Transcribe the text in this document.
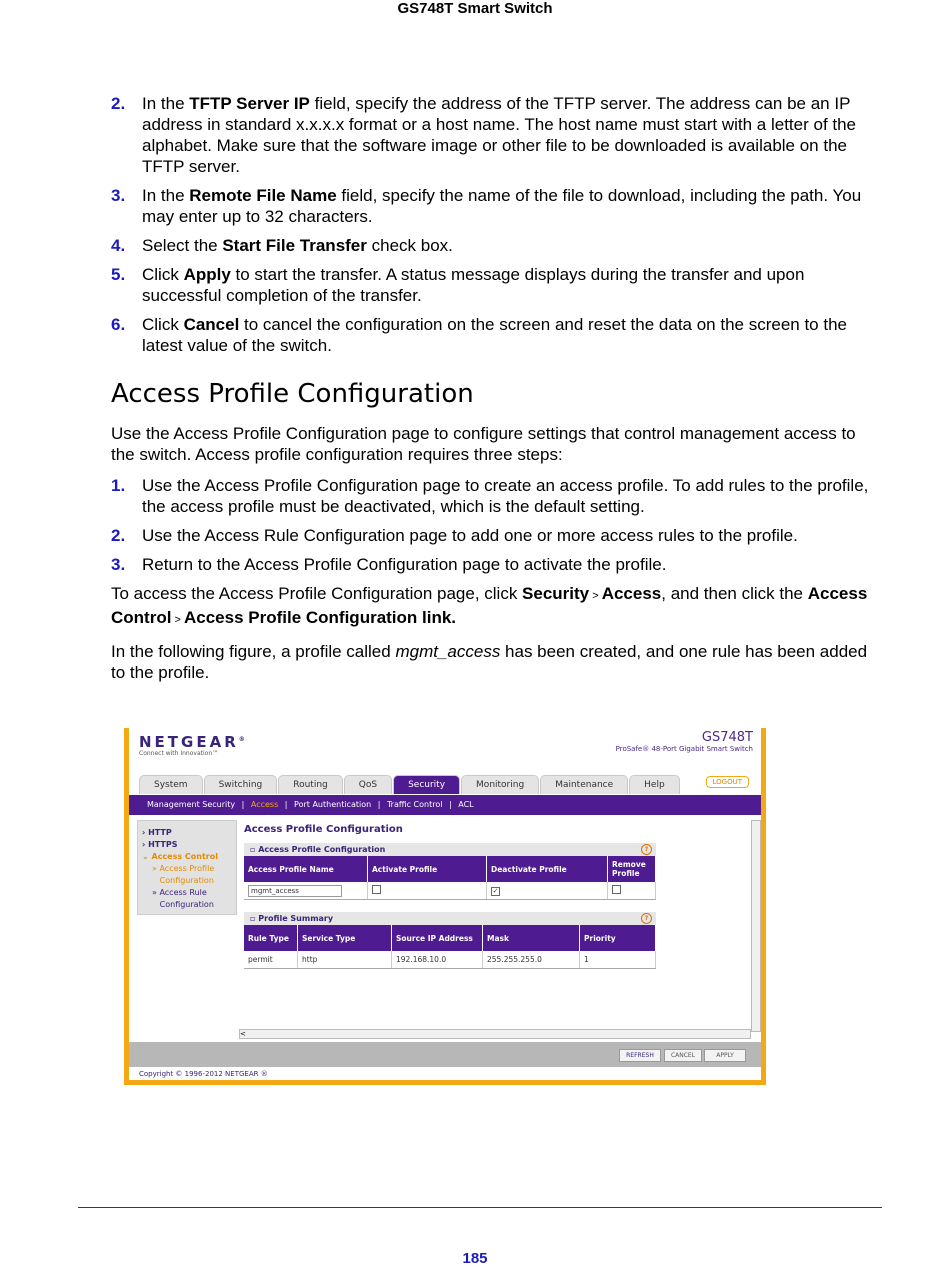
GS748T Smart Switch
2. In the TFTP Server IP field, specify the address of the TFTP server. The address can be an IP address in standard x.x.x.x format or a host name. The host name must start with a letter of the alphabet. Make sure that the software image or other file to be downloaded is available on the TFTP server.
3. In the Remote File Name field, specify the name of the file to download, including the path. You may enter up to 32 characters.
4. Select the Start File Transfer check box.
5. Click Apply to start the transfer. A status message displays during the transfer and upon successful completion of the transfer.
6. Click Cancel to cancel the configuration on the screen and reset the data on the screen to the latest value of the switch.
Access Profile Configuration

Use the Access Profile Configuration page to configure settings that control management access to the switch. Access profile configuration requires three steps:

1. Use the Access Profile Configuration page to create an access profile. To add rules to the profile, the access profile must be deactivated, which is the default setting.
2. Use the Access Rule Configuration page to add one or more access rules to the profile.
3. Return to the Access Profile Configuration page to activate the profile.

To access the Access Profile Configuration page, click Security > Access, and then click the Access Control > Access Profile Configuration link.

In the following figure, a profile called mgmt_access has been created, and one rule has been added to the profile.

NETGEAR®
Connect with Innovation™
GS748T
ProSafe® 48-Port Gigabit Smart Switch
System	Switching	Routing	QoS	Security	Monitoring	Maintenance	Help	LOGOUT
Management Security | Access | Port Authentication | Traffic Control | ACL
› HTTP
› HTTPS
⌄ Access Control
» Access Profile
Configuration
» Access Rule
Configuration
Access Profile Configuration
▫ Access Profile Configuration	?
Access Profile Name	Activate Profile	Deactivate Profile	Remove Profile

mgmt_access		✓	
▫ Profile Summary	?
Rule Type	Service Type	Source IP Address	Mask	Priority
permit	http	192.168.10.0	255.255.255.0	1
<
REFRESH	CANCEL	APPLY
Copyright © 1996-2012 NETGEAR ®
185
